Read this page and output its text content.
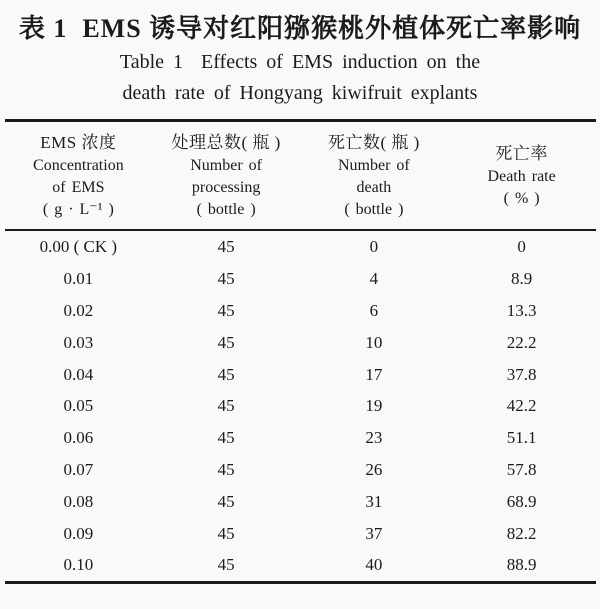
表 1  EMS 诱导对红阳猕猴桃外植体死亡率影响
Table 1  Effects of EMS induction on the
death rate of Hongyang kiwifruit explants
EMS 浓度
Concentration
of EMS
( g · L⁻¹ )

处理总数( 瓶 )
Number of
processing
( bottle )

死亡数( 瓶 )
Number of
death
( bottle )

死亡率
Death rate
( % )

0.00 ( CK )	45	0	0
0.01	45	4	8.9
0.02	45	6	13.3
0.03	45	10	22.2
0.04	45	17	37.8
0.05	45	19	42.2
0.06	45	23	51.1
0.07	45	26	57.8
0.08	45	31	68.9
0.09	45	37	82.2
0.10	45	40	88.9
